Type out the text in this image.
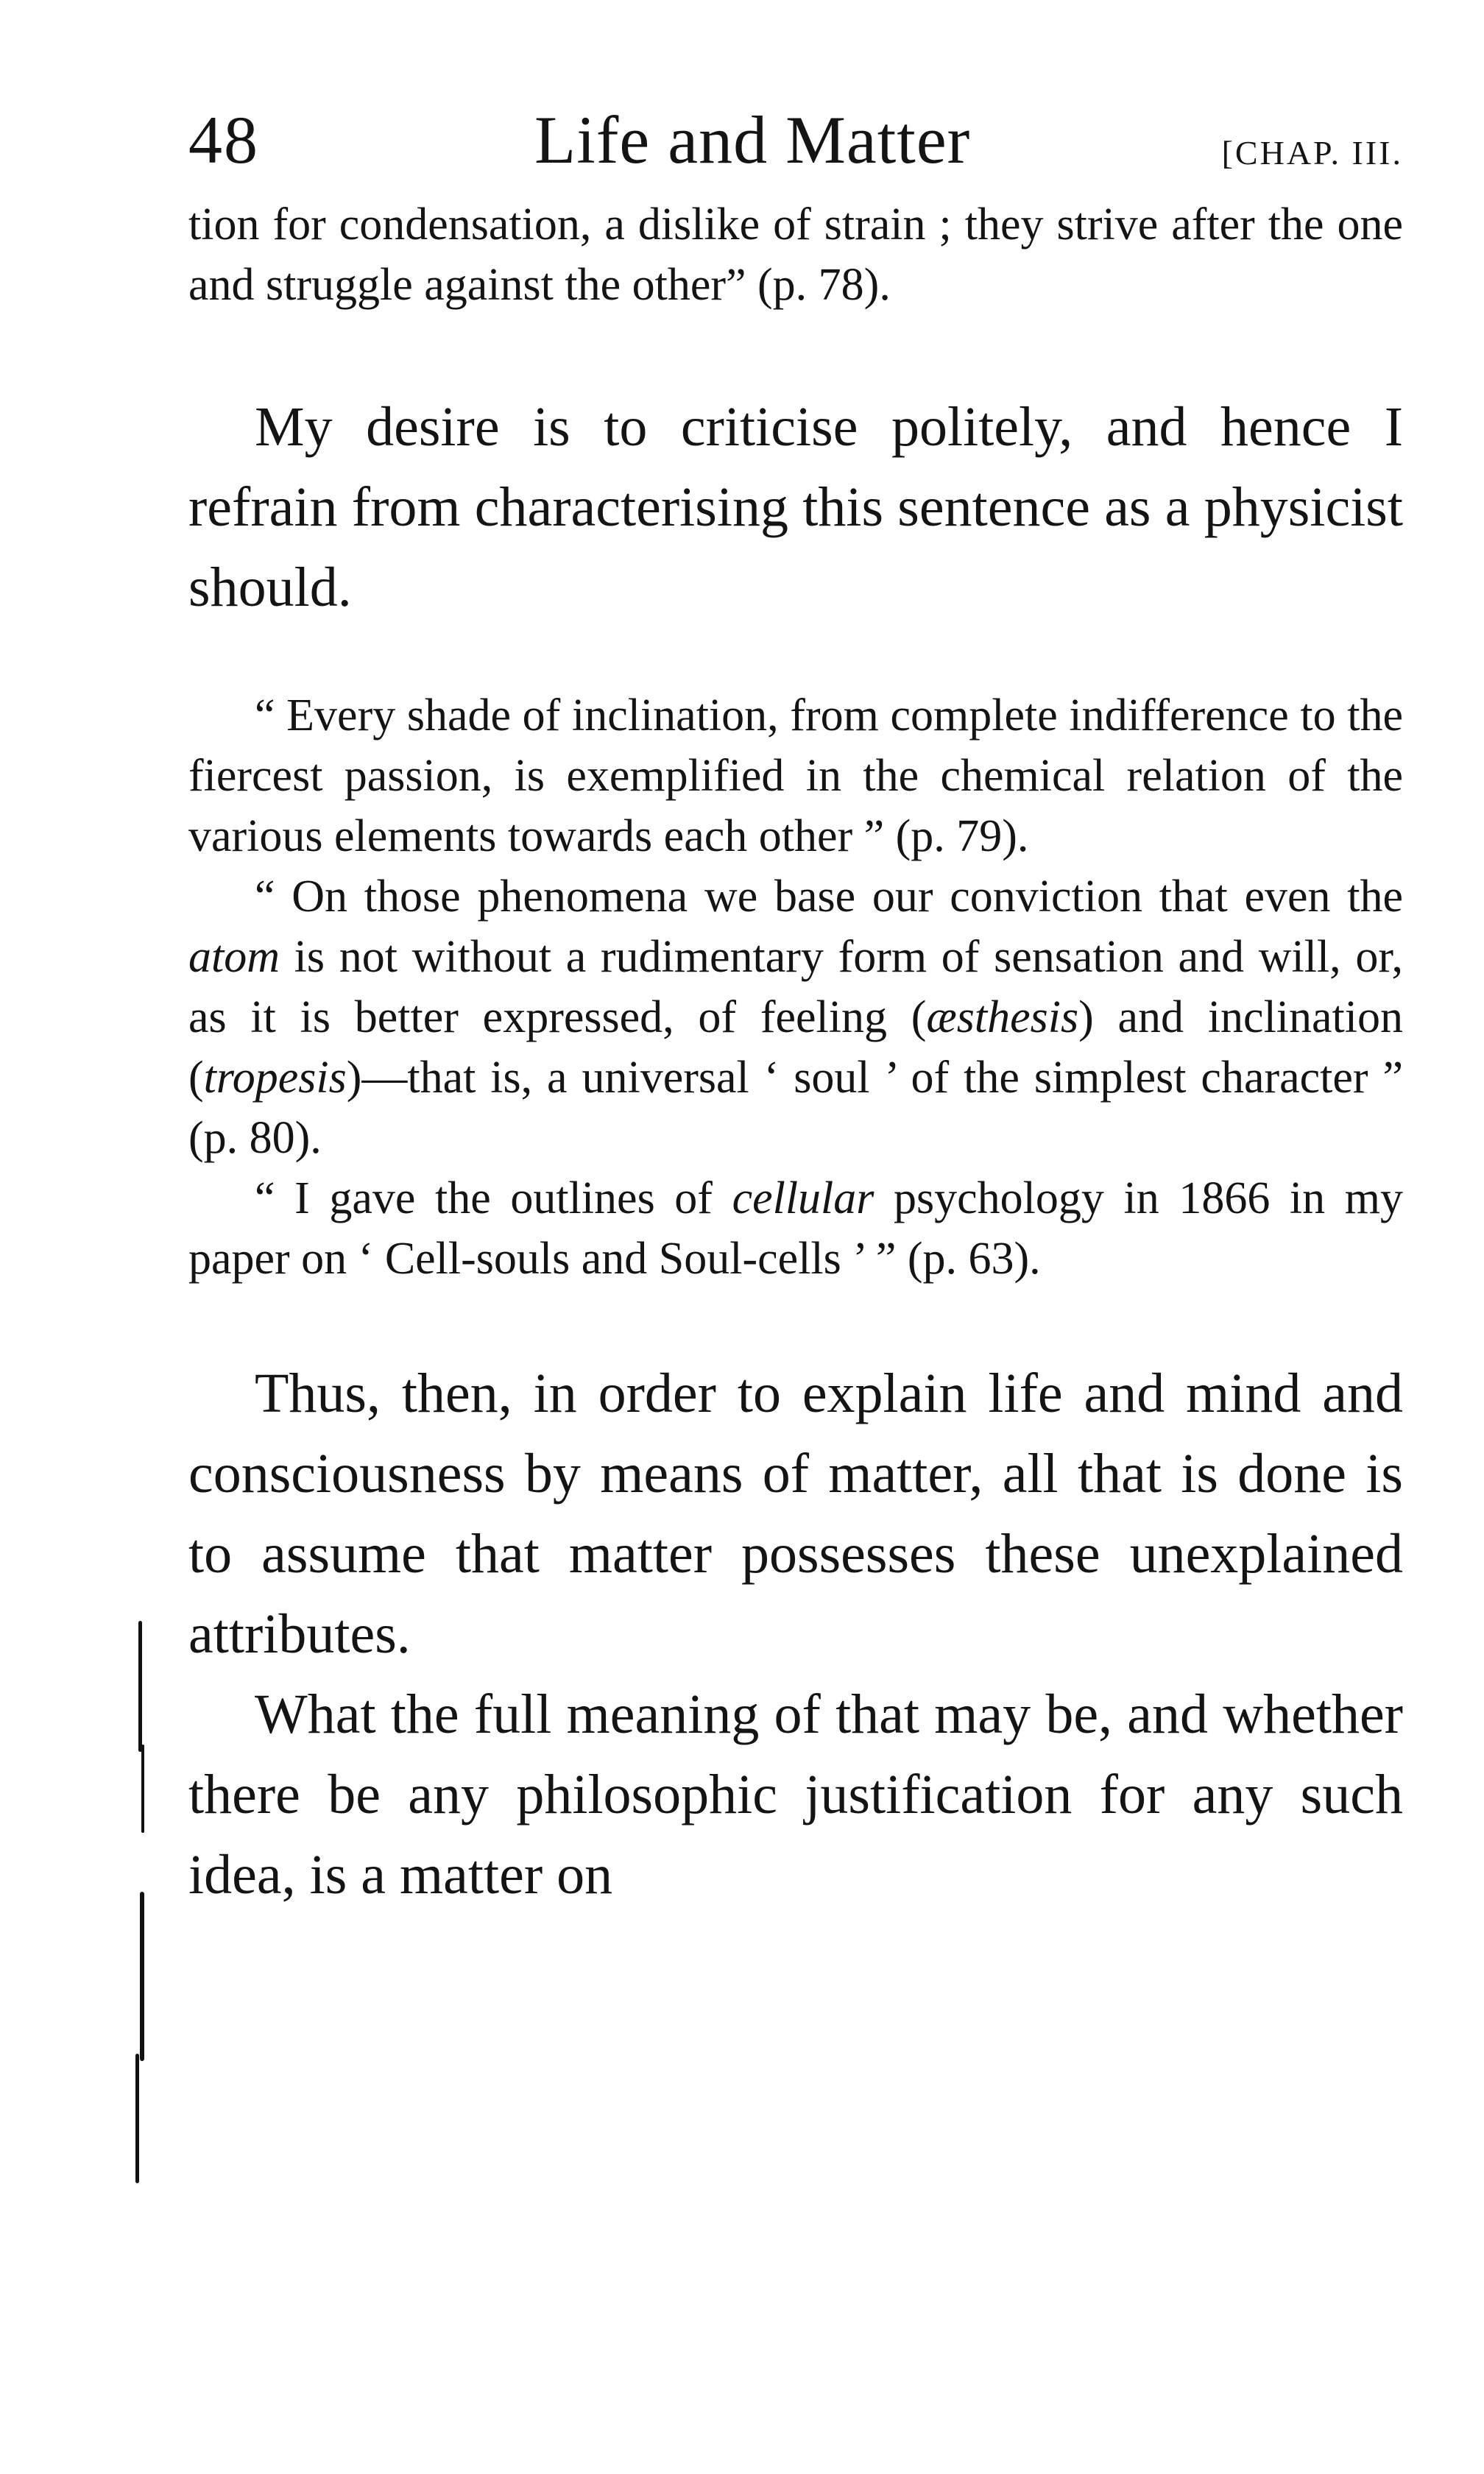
48	Life and Matter	[CHAP. III.

tion for condensation, a dislike of strain ; they strive after the one and struggle against the other” (p. 78).

My desire is to criticise politely, and hence I refrain from characterising this sentence as a physicist should.

“ Every shade of inclination, from complete indifference to the fiercest passion, is exemplified in the chemical relation of the various elements towards each other ” (p. 79).

“ On those phenomena we base our conviction that even the atom is not without a rudimentary form of sensation and will, or, as it is better expressed, of feeling (æsthesis) and inclination (tropesis)—that is, a universal ‘ soul ’ of the simplest character ” (p. 80).

“ I gave the outlines of cellular psychology in 1866 in my paper on ‘ Cell-souls and Soul-cells ’ ” (p. 63).

Thus, then, in order to explain life and mind and consciousness by means of matter, all that is done is to assume that matter possesses these unexplained attributes.

What the full meaning of that may be, and whether there be any philosophic justification for any such idea, is a matter on
